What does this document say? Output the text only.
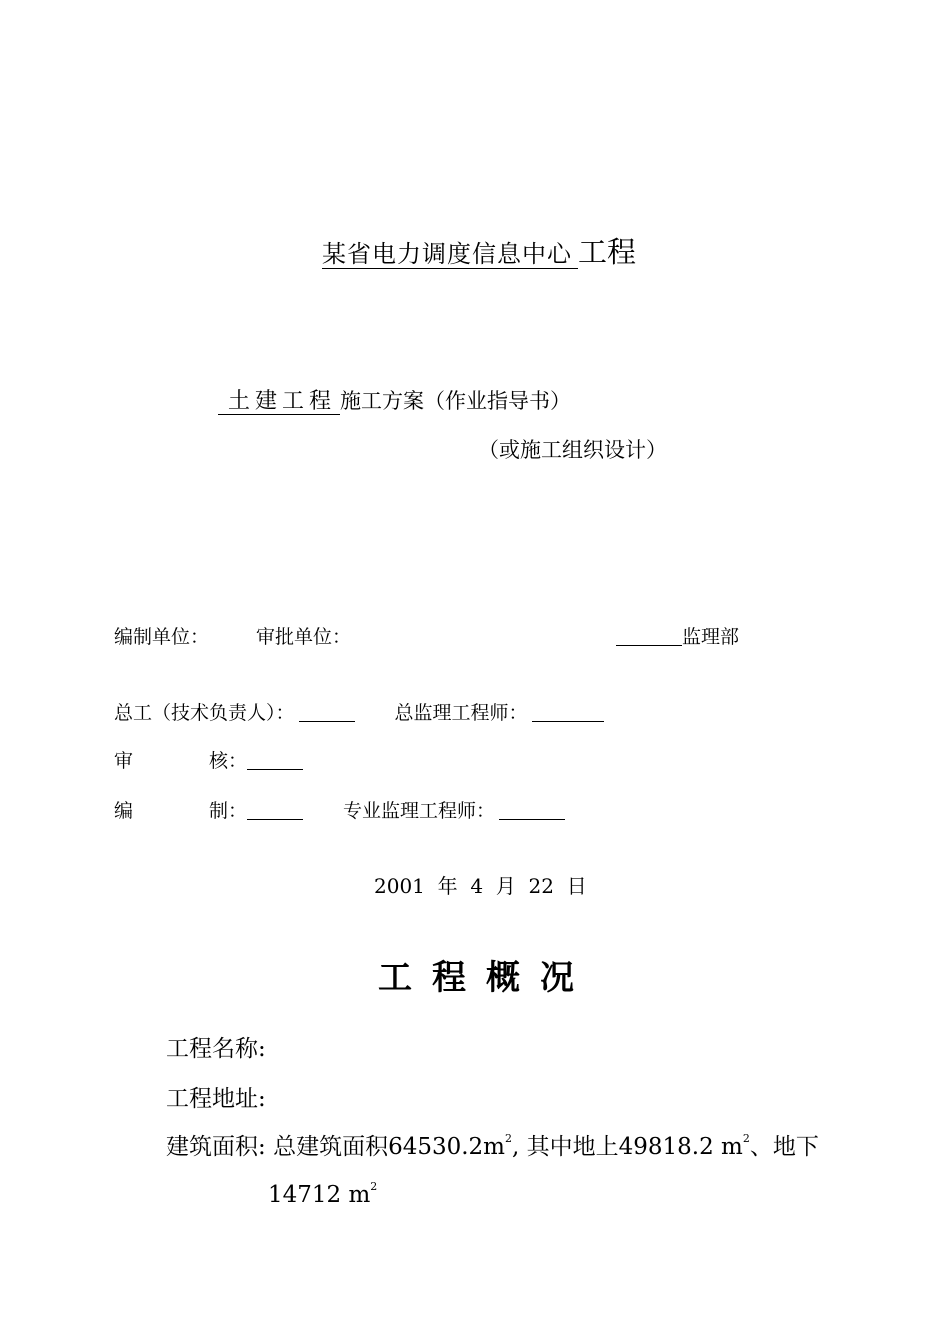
某省电力调度信息中心 工程
土建工程 施工方案（作业指导书）
（或施工组织设计）
编制单位： 审批单位：	监理部
总工（技术负责人）：	总监理工程师：
审	核：
编	制：	专业监理工程师：
2001 年 4 月 22 日
工程概况
工程名称:
工程地址:
建筑面积: 总建筑面积$64530.2m^2$, 其中地上49818.2 $m^2$、地下
14712 $m^2$
